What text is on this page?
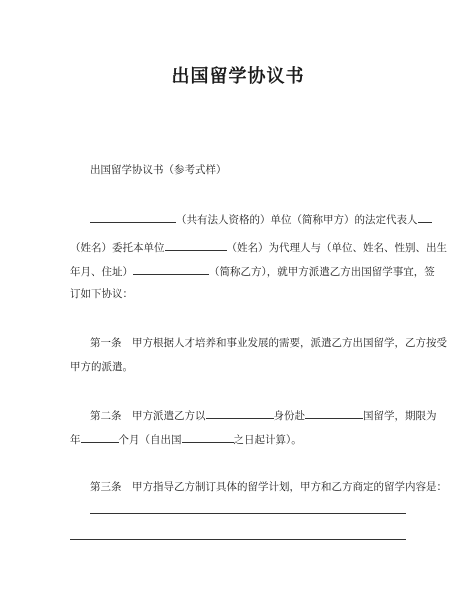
出国留学协议书
出国留学协议书（参考式样）
（共有法人资格的）单位（简称甲方）的法定代表人
（姓名）委托本单位	（姓名）为代理人与（单位、姓名、性别、出生
年月、住址）	（简称乙方），就甲方派遣乙方出国留学事宜，签
订如下协议：
第一条　甲方根据人才培养和事业发展的需要，派遣乙方出国留学，乙方按受
甲方的派遣。
第二条　甲方派遣乙方以	身份赴	国留学，期限为
年	个月（自出国	之日起计算）。
第三条　甲方指导乙方制订具体的留学计划，甲方和乙方商定的留学内容是：
